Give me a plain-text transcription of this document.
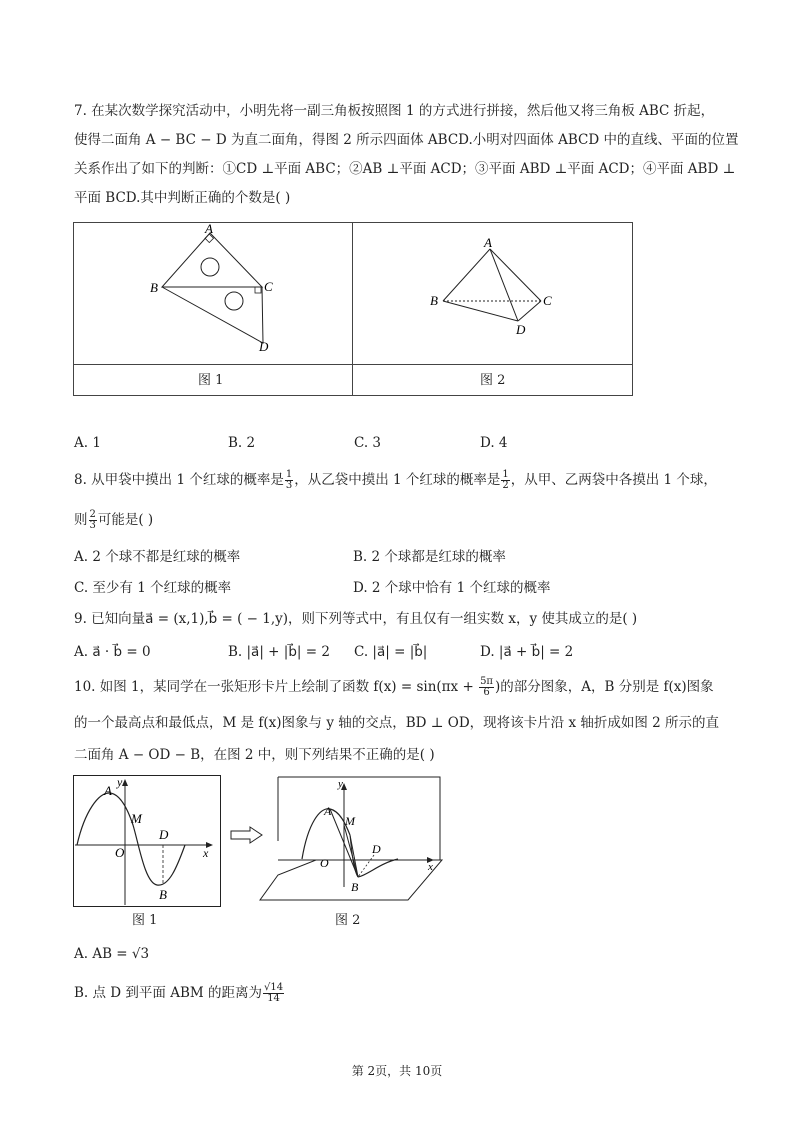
7. 在某次数学探究活动中，小明先将一副三角板按照图 1 的方式进行拼接，然后他又将三角板 ABC 折起，
使得二面角 A − BC − D 为直二面角，得图 2 所示四面体 ABCD.小明对四面体 ABCD 中的直线、平面的位置
关系作出了如下的判断：①CD ⊥平面 ABC；②AB ⊥平面 ACD；③平面 ABD ⊥平面 ACD；④平面 ABD ⊥
平面 BCD.其中判断正确的个数是( )
A
B	C
D
A
B	C
D
图 1	图 2
A. 1	B. 2	C. 3	D. 4
8. 从甲袋中摸出 1 个红球的概率是 $\frac{1}{3}$ ，从乙袋中摸出 1 个红球的概率是 $\frac{1}{2}$ ，从甲、乙两袋中各摸出 1 个球，
则 $\frac{2}{3}$ 可能是( )
A. 2 个球不都是红球的概率	B. 2 个球都是红球的概率
C. 至少有 1 个红球的概率	D. 2 个球中恰有 1 个红球的概率
9. 已知向量a⃗ = (x,1),b⃗ = ( − 1,y)，则下列等式中，有且仅有一组实数 x，y 使其成立的是( )
A. a⃗ · b⃗ = 0	B. |a⃗| + |b⃗| = 2 C. |a⃗| = |b⃗|	D. |a⃗ + b⃗| = 2
10. 如图 1，某同学在一张矩形卡片上绘制了函数 $f(x) = \sin(\pi x + \frac{5\pi}{6}$ )的部分图象，A，B 分别是 f(x)图象
的一个最高点和最低点，M 是 f(x)图象与 y 轴的交点，BD ⊥ OD，现将该卡片沿 x 轴折成如图 2 所示的直
二面角 A − OD − B，在图 2 中，则下列结果不正确的是( )
A
y
M
D
O	x
B
图 1
A
y
M
D
O	x
B
图 2
A. AB = √3
B. 点 D 到平面 ABM 的距离为 $\frac{√14}{14}$
第 2页，共 10页
